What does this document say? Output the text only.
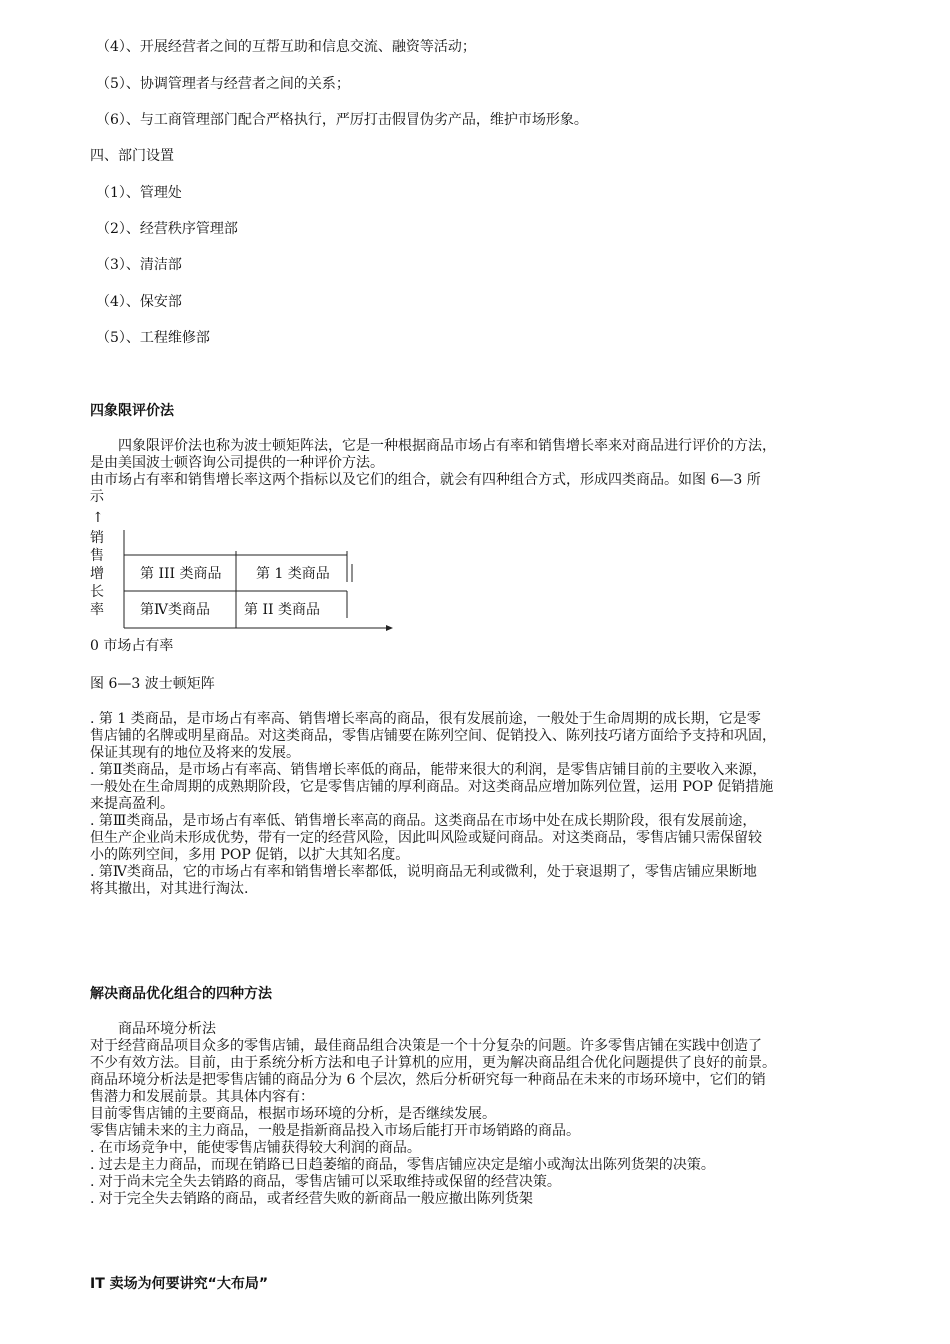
（4）、开展经营者之间的互帮互助和信息交流、融资等活动；
（5）、协调管理者与经营者之间的关系；
（6）、与工商管理部门配合严格执行，严厉打击假冒伪劣产品，维护市场形象。
四、部门设置
（1）、管理处
（2）、经营秩序管理部
（3）、清洁部
（4）、保安部
（5）、工程维修部
四象限评价法
　　四象限评价法也称为波士顿矩阵法，它是一种根据商品市场占有率和销售增长率来对商品进行评价的方法，
是由美国波士顿咨询公司提供的一种评价方法。
由市场占有率和销售增长率这两个指标以及它们的组合，就会有四种组合方式，形成四类商品。如图 6—3 所
示
↑
销
售
增
长
率
第 III 类商品 第 1 类商品
第Ⅳ类商品 第 II 类商品
0 市场占有率
图 6—3 波士顿矩阵
. 第 1 类商品，是市场占有率高、销售增长率高的商品，很有发展前途，一般处于生命周期的成长期，它是零
售店铺的名牌或明星商品。对这类商品，零售店铺要在陈列空间、促销投入、陈列技巧诸方面给予支持和巩固，
保证其现有的地位及将来的发展。
. 第Ⅱ类商品，是市场占有率高、销售增长率低的商品，能带来很大的利润，是零售店铺目前的主要收入来源，
一般处在生命周期的成熟期阶段，它是零售店铺的厚利商品。对这类商品应增加陈列位置，运用 POP 促销措施
来提高盈利。
. 第Ⅲ类商品，是市场占有率低、销售增长率高的商品。这类商品在市场中处在成长期阶段，很有发展前途，
但生产企业尚未形成优势，带有一定的经营风险，因此叫风险或疑问商品。对这类商品，零售店铺只需保留较
小的陈列空间，多用 POP 促销，以扩大其知名度。
. 第Ⅳ类商品，它的市场占有率和销售增长率都低，说明商品无利或微利，处于衰退期了，零售店铺应果断地
将其撤出，对其进行淘汰.
解决商品优化组合的四种方法
　　商品环境分析法
对于经营商品项目众多的零售店铺，最佳商品组合决策是一个十分复杂的问题。许多零售店铺在实践中创造了
不少有效方法。目前，由于系统分析方法和电子计算机的应用，更为解决商品组合优化问题提供了良好的前景。
商品环境分析法是把零售店铺的商品分为 6 个层次，然后分析研究每一种商品在未来的市场环境中，它们的销
售潜力和发展前景。其具体内容有：
目前零售店铺的主要商品，根据市场环境的分析，是否继续发展。
零售店铺未来的主力商品，一般是指新商品投入市场后能打开市场销路的商品。
. 在市场竞争中，能使零售店铺获得较大利润的商品。
. 过去是主力商品，而现在销路已日趋萎缩的商品，零售店铺应决定是缩小或淘汰出陈列货架的决策。
. 对于尚未完全失去销路的商品，零售店铺可以采取维持或保留的经营决策。
. 对于完全失去销路的商品，或者经营失败的新商品一般应撤出陈列货架
IT 卖场为何要讲究“大布局”
